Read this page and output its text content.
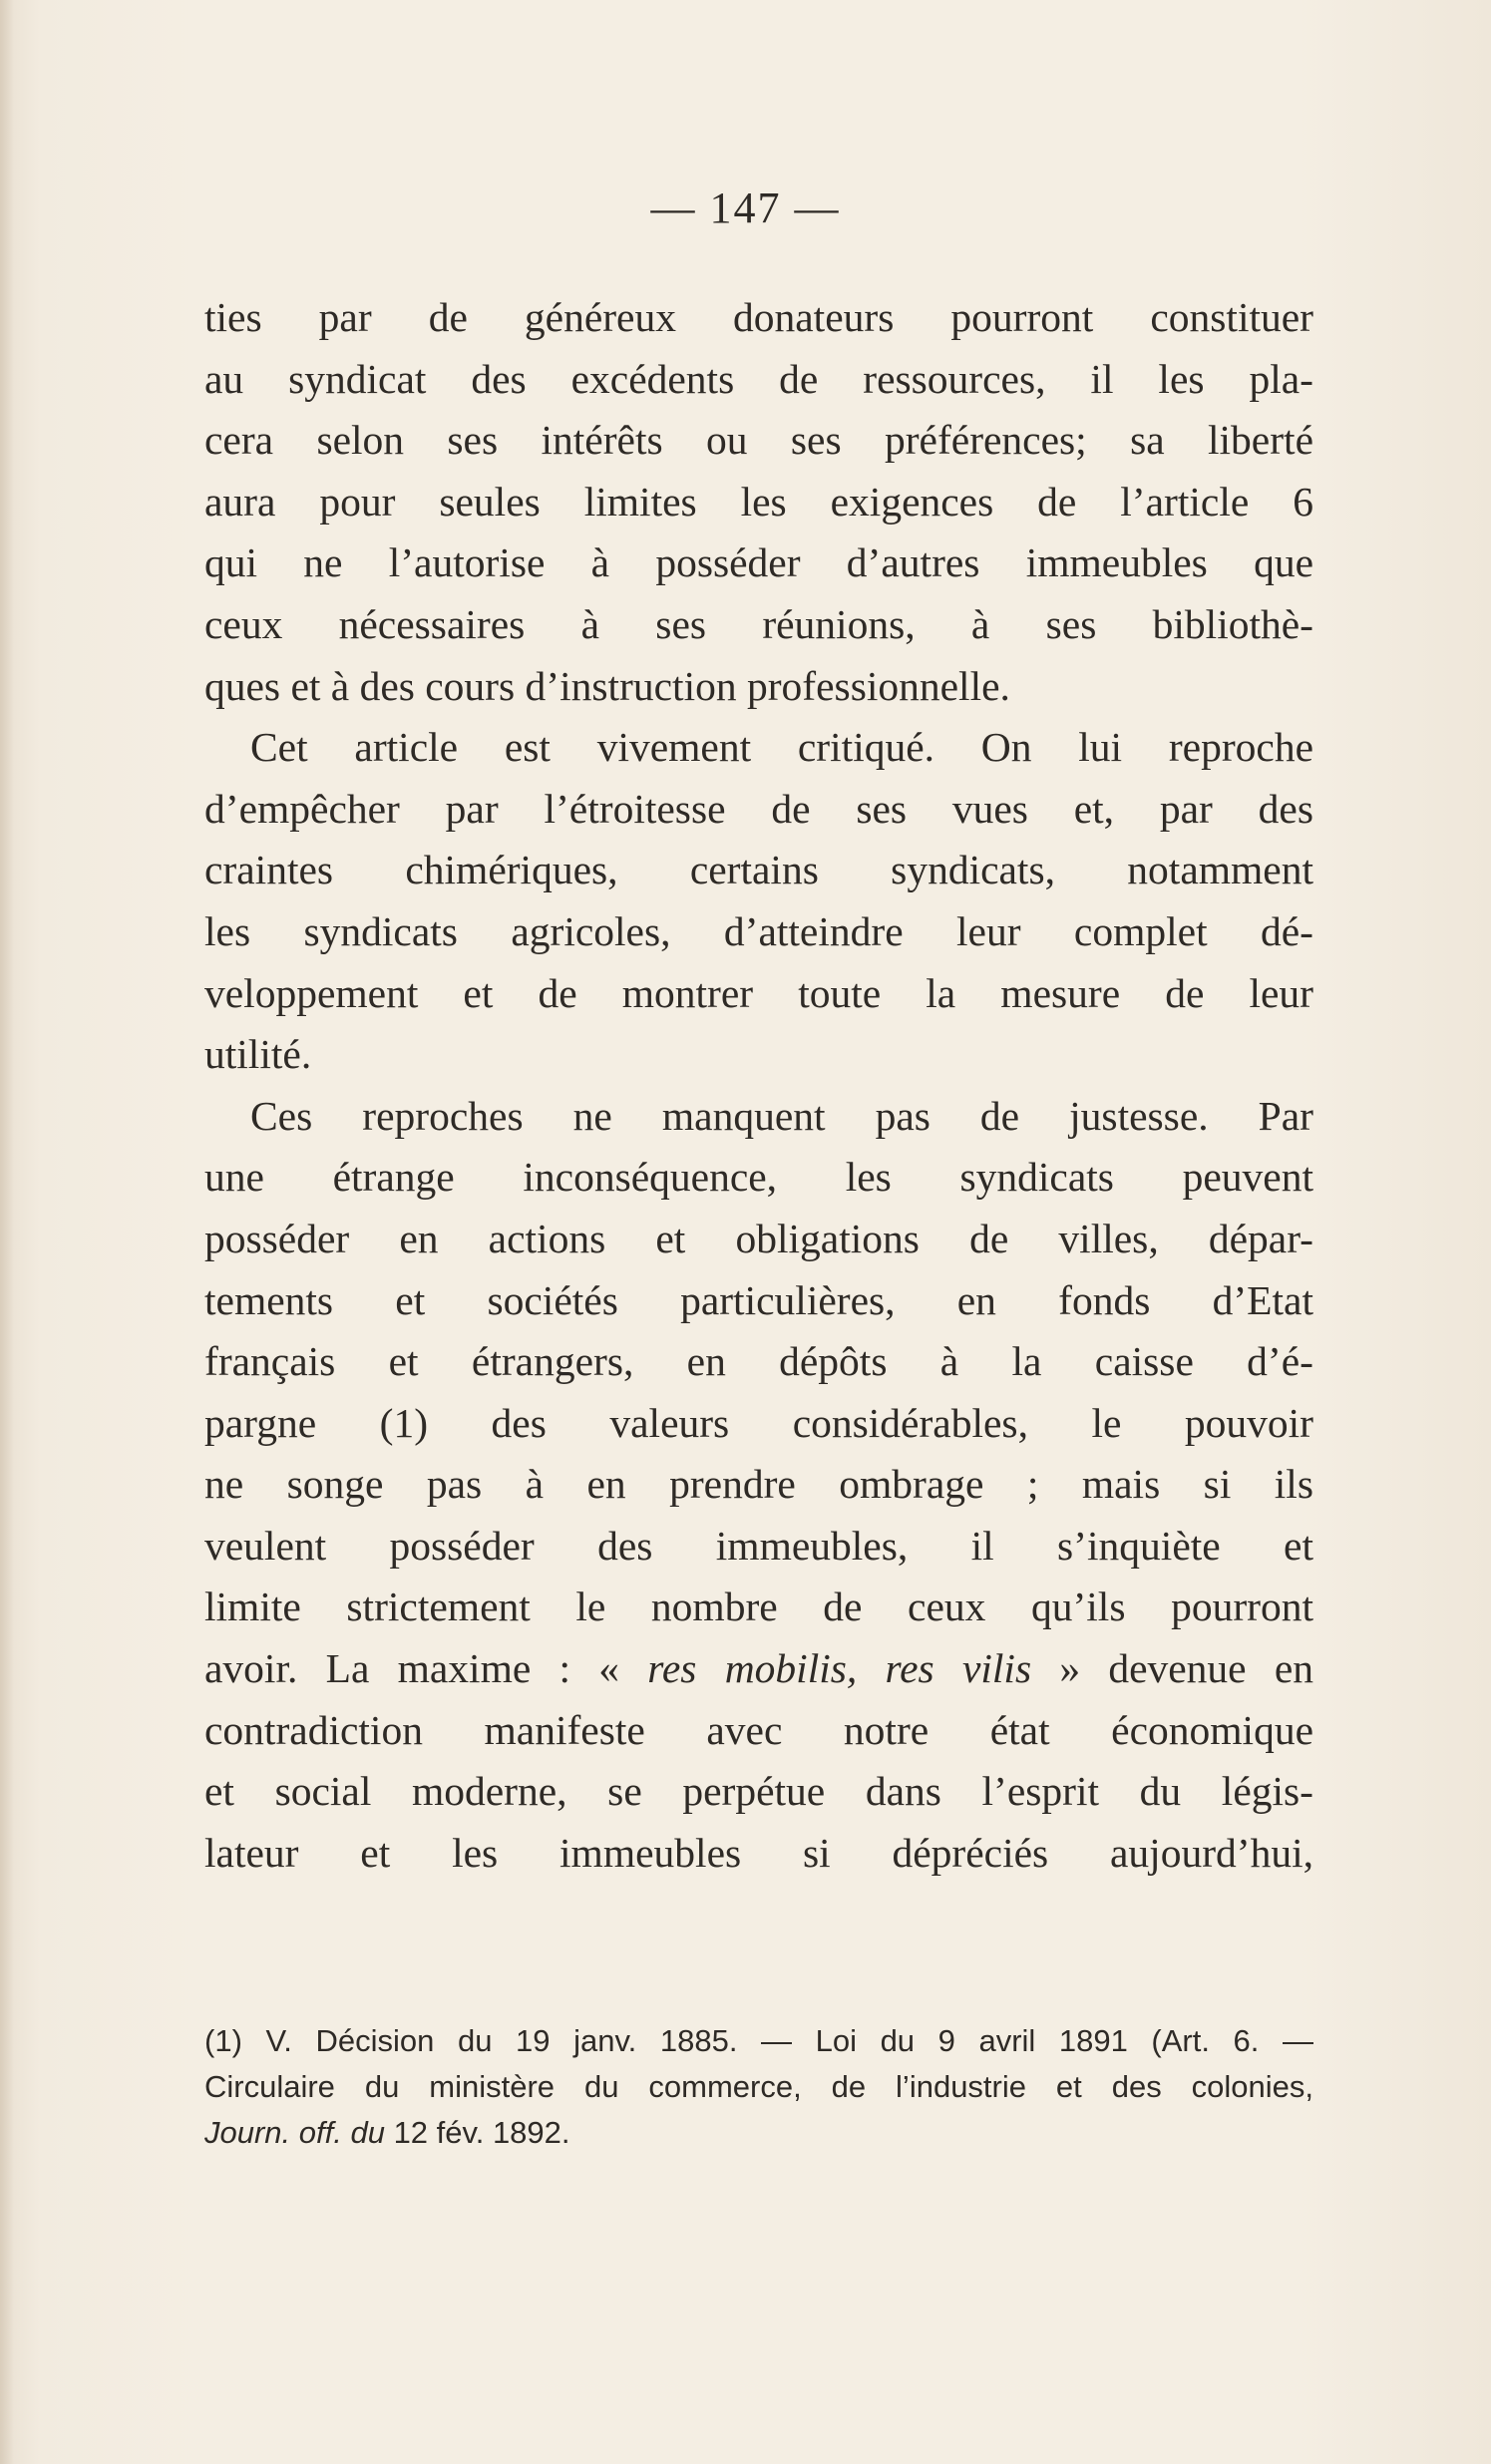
— 147 —
ties par de généreux donateurs pourront constituer
au syndicat des excédents de ressources, il les pla-
cera selon ses intérêts ou ses préférences; sa liberté
aura pour seules limites les exigences de l’article 6
qui ne l’autorise à posséder d’autres immeubles que
ceux nécessaires à ses réunions, à ses bibliothè-
ques et à des cours d’instruction professionnelle.
Cet article est vivement critiqué. On lui reproche
d’empêcher par l’étroitesse de ses vues et, par des
craintes chimériques, certains syndicats, notamment
les syndicats agricoles, d’atteindre leur complet dé-
veloppement et de montrer toute la mesure de leur
utilité.
Ces reproches ne manquent pas de justesse. Par
une étrange inconséquence, les syndicats peuvent
posséder en actions et obligations de villes, dépar-
tements et sociétés particulières, en fonds d’Etat
français et étrangers, en dépôts à la caisse d’é-
pargne (1) des valeurs considérables, le pouvoir
ne songe pas à en prendre ombrage ; mais si ils
veulent posséder des immeubles, il s’inquiète et
limite strictement le nombre de ceux qu’ils pourront
avoir. La maxime : « res mobilis, res vilis » devenue en
contradiction manifeste avec notre état économique
et social moderne, se perpétue dans l’esprit du légis-
lateur et les immeubles si dépréciés aujourd’hui,
(1) V. Décision du 19 janv. 1885. — Loi du 9 avril 1891 (Art. 6. —
Circulaire du ministère du commerce, de l’industrie et des colonies,
Journ. off. du 12 fév. 1892.
